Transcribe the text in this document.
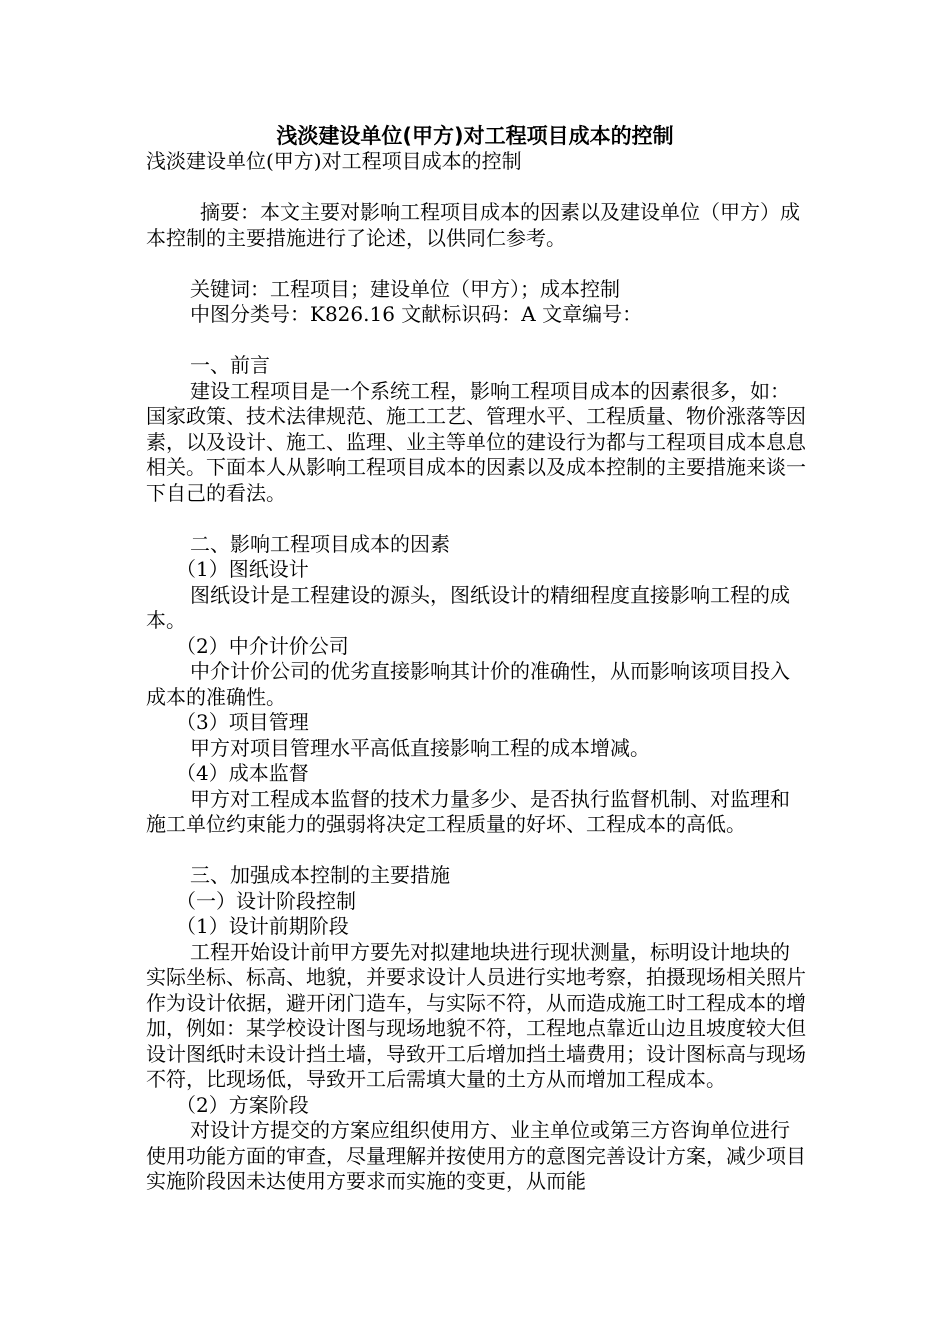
浅淡建设单位(甲方)对工程项目成本的控制

浅淡建设单位(甲方)对工程项目成本的控制

摘要：本文主要对影响工程项目成本的因素以及建设单位（甲方）成本控制的主要措施进行了论述，以供同仁参考。

关键词：工程项目；建设单位（甲方）；成本控制

中图分类号：K826.16 文献标识码：A 文章编号：

一、前言

建设工程项目是一个系统工程，影响工程项目成本的因素很多，如：国家政策、技术法律规范、施工工艺、管理水平、工程质量、物价涨落等因素，以及设计、施工、监理、业主等单位的建设行为都与工程项目成本息息相关。下面本人从影响工程项目成本的因素以及成本控制的主要措施来谈一下自己的看法。

二、影响工程项目成本的因素

（1）图纸设计

图纸设计是工程建设的源头，图纸设计的精细程度直接影响工程的成本。

（2）中介计价公司

中介计价公司的优劣直接影响其计价的准确性，从而影响该项目投入成本的准确性。

（3）项目管理

甲方对项目管理水平高低直接影响工程的成本增减。

（4）成本监督

甲方对工程成本监督的技术力量多少、是否执行监督机制、对监理和施工单位约束能力的强弱将决定工程质量的好坏、工程成本的高低。

三、加强成本控制的主要措施

（一）设计阶段控制

（1）设计前期阶段

工程开始设计前甲方要先对拟建地块进行现状测量，标明设计地块的实际坐标、标高、地貌，并要求设计人员进行实地考察，拍摄现场相关照片作为设计依据，避开闭门造车，与实际不符，从而造成施工时工程成本的增加，例如：某学校设计图与现场地貌不符，工程地点靠近山边且坡度较大但设计图纸时未设计挡土墙，导致开工后增加挡土墙费用；设计图标高与现场不符，比现场低，导致开工后需填大量的土方从而增加工程成本。

（2）方案阶段

对设计方提交的方案应组织使用方、业主单位或第三方咨询单位进行使用功能方面的审查，尽量理解并按使用方的意图完善设计方案，减少项目实施阶段因未达使用方要求而实施的变更，从而能
